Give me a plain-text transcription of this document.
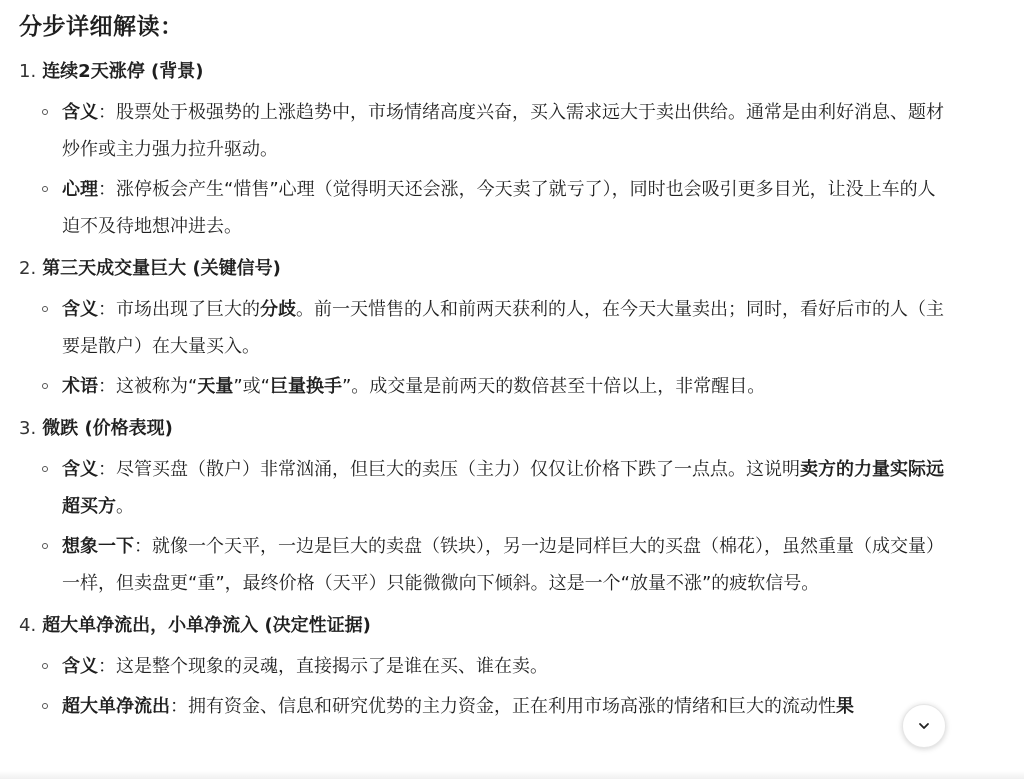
分步详细解读：
1. 连续2天涨停 (背景)
含义：股票处于极强势的上涨趋势中，市场情绪高度兴奋，买入需求远大于卖出供给。通常是由利好消息、题材炒作或主力强力拉升驱动。
心理：涨停板会产生“惜售”心理（觉得明天还会涨，今天卖了就亏了），同时也会吸引更多目光，让没上车的人迫不及待地想冲进去。
2. 第三天成交量巨大 (关键信号)
含义：市场出现了巨大的分歧。前一天惜售的人和前两天获利的人，在今天大量卖出；同时，看好后市的人（主要是散户）在大量买入。
术语：这被称为“天量”或“巨量换手”。成交量是前两天的数倍甚至十倍以上，非常醒目。
3. 微跌 (价格表现)
含义：尽管买盘（散户）非常汹涌，但巨大的卖压（主力）仅仅让价格下跌了一点点。这说明卖方的力量实际远超买方。
想象一下：就像一个天平，一边是巨大的卖盘（铁块），另一边是同样巨大的买盘（棉花），虽然重量（成交量）一样，但卖盘更“重”，最终价格（天平）只能微微向下倾斜。这是一个“放量不涨”的疲软信号。
4. 超大单净流出，小单净流入 (决定性证据)
含义：这是整个现象的灵魂，直接揭示了是谁在买、谁在卖。
超大单净流出：拥有资金、信息和研究优势的主力资金，正在利用市场高涨的情绪和巨大的流动性果
